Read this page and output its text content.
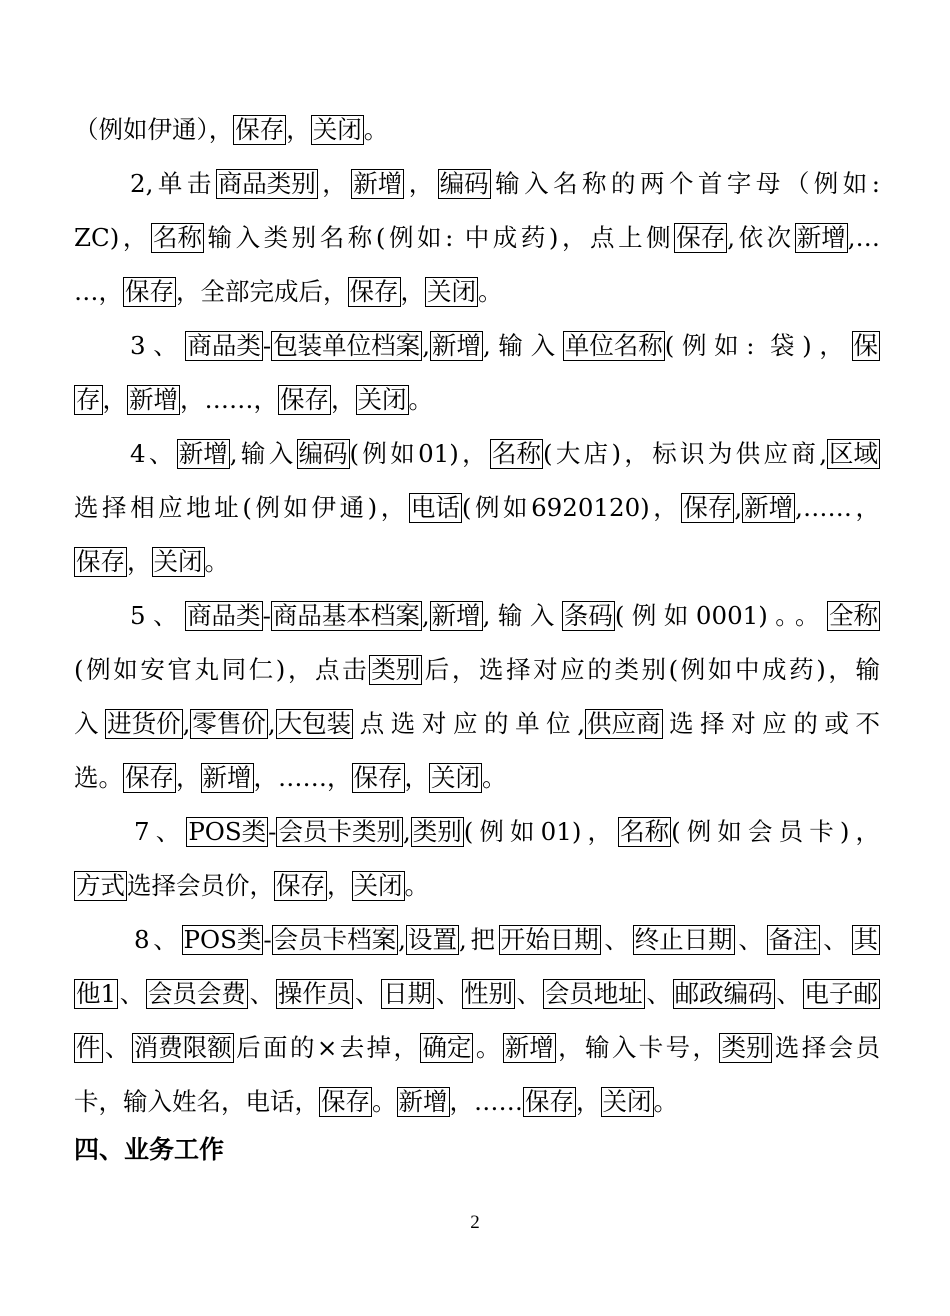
（例如伊通），保存，关闭。
2,单击商品类别，新增，编码输入名称的两个首字母（例如:
ZC)，名称输入类别名称(例如: 中成药)，点上侧保存,依次新增,…
…，保存，全部完成后，保存，关闭。
3、商品类-包装单位档案,新增,输入单位名称(例如: 袋)，保
存，新增，……，保存，关闭。
4、新增,输入编码(例如01)，名称(大店)，标识为供应商,区域
选择相应地址(例如伊通)，电话(例如6920120)，保存,新增,……，
保存，关闭。
5、商品类-商品基本档案,新增,输入条码(例如0001)。。全称
(例如安官丸同仁)，点击类别后，选择对应的类别(例如中成药)，输
入进货价,零售价,大包装点选对应的单位,供应商选择对应的或不
选。保存，新增，……，保存，关闭。
7、POS类-会员卡类别,类别(例如01)，名称(例如会员卡)，
方式选择会员价，保存，关闭。
8、POS类-会员卡档案,设置,把开始日期、终止日期、备注、其
他1、会员会费、操作员、日期、性别、会员地址、邮政编码、电子邮
件、消费限额后面的×去掉，确定。新增，输入卡号，类别选择会员
卡，输入姓名，电话，保存。新增，……保存，关闭。
四、业务工作
2
